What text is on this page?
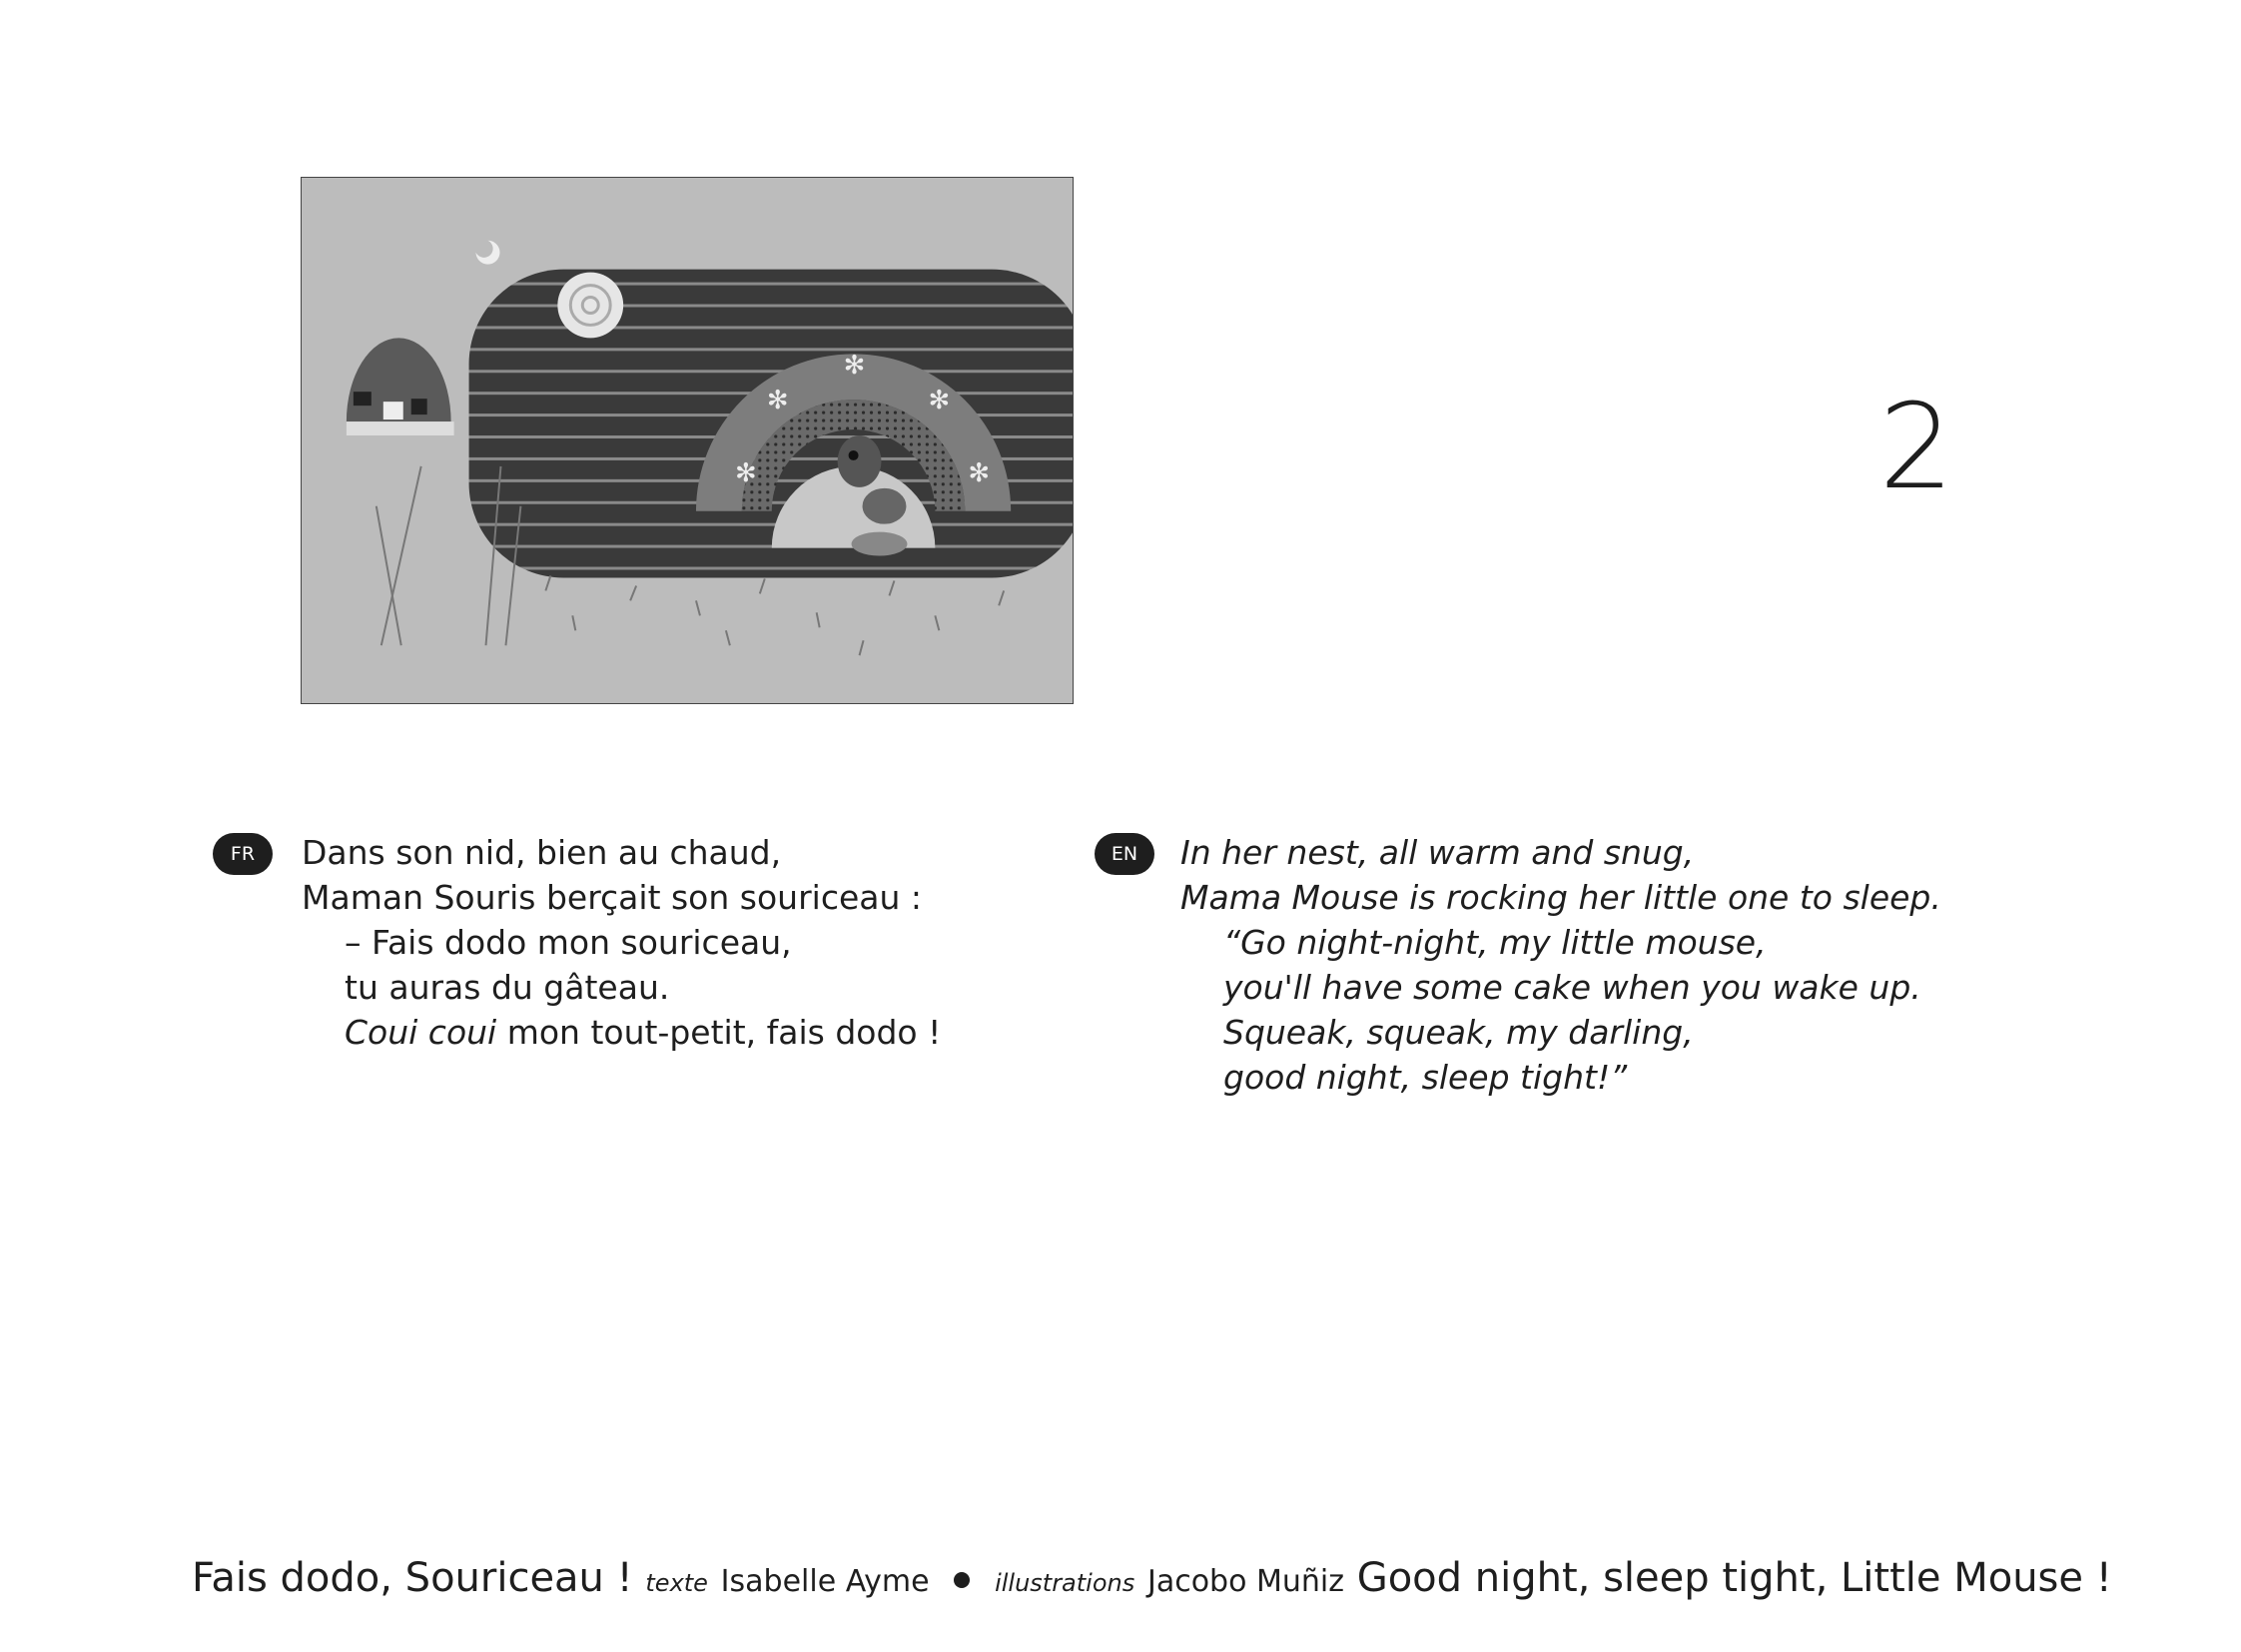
✻
✻
✻
✻
✻	2
FR	Dans son nid, bien au chaud,
Maman Souris berçait son souriceau :
– Fais dodo mon souriceau,
tu auras du gâteau.
Coui coui mon tout-petit, fais dodo !
EN	In her nest, all warm and snug,
Mama Mouse is rocking her little one to sleep.
“Go night-night, my little mouse,
you'll have some cake when you wake up.
Squeak, squeak, my darling,
good night, sleep tight!”
Fais dodo, Souriceau ! texte Isabelle Ayme	illustrations Jacobo Muñiz Good night, sleep tight, Little Mouse !
